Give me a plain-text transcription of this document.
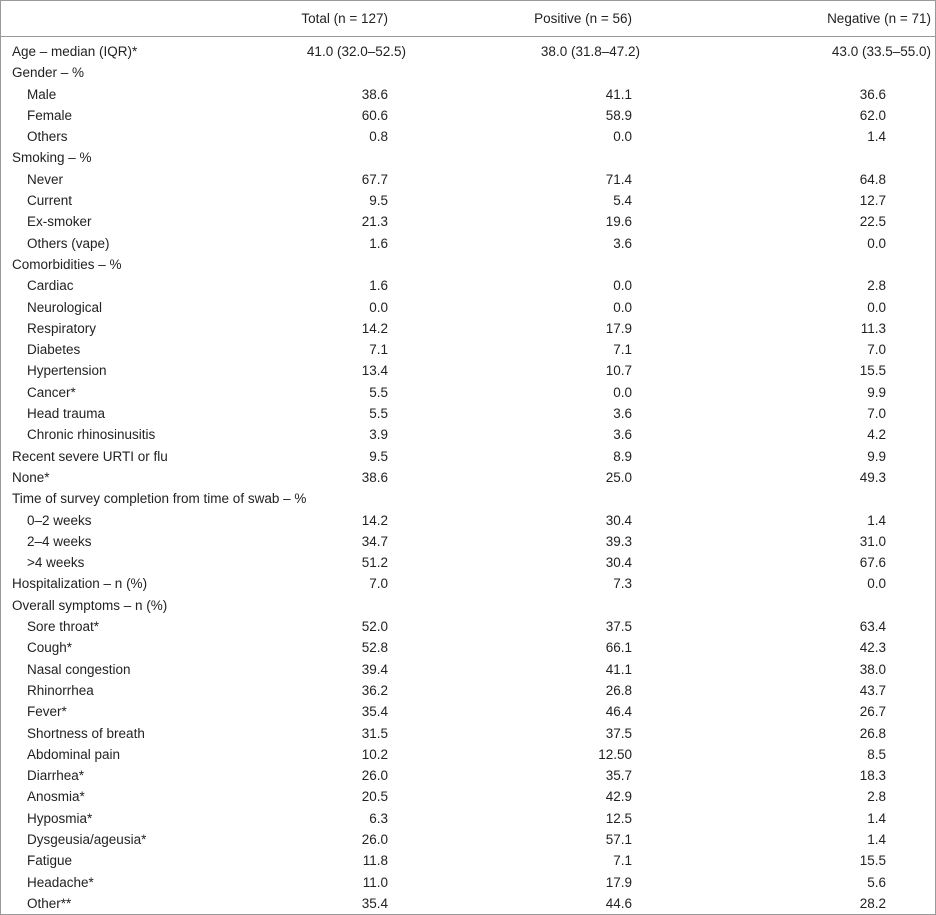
	Total (n = 127)	Positive (n = 56)	Negative (n = 71)
Age – median (IQR)*	41.0 (32.0–52.5)	38.0 (31.8–47.2)	43.0 (33.5–55.0)
Gender – %			
Male	38.6	41.1	36.6
Female	60.6	58.9	62.0
Others	0.8	0.0	1.4
Smoking – %			
Never	67.7	71.4	64.8
Current	9.5	5.4	12.7
Ex-smoker	21.3	19.6	22.5
Others (vape)	1.6	3.6	0.0
Comorbidities – %			
Cardiac	1.6	0.0	2.8
Neurological	0.0	0.0	0.0
Respiratory	14.2	17.9	11.3
Diabetes	7.1	7.1	7.0
Hypertension	13.4	10.7	15.5
Cancer*	5.5	0.0	9.9
Head trauma	5.5	3.6	7.0
Chronic rhinosinusitis	3.9	3.6	4.2
Recent severe URTI or flu	9.5	8.9	9.9
None*	38.6	25.0	49.3
Time of survey completion from time of swab – %			
0–2 weeks	14.2	30.4	1.4
2–4 weeks	34.7	39.3	31.0
>4 weeks	51.2	30.4	67.6
Hospitalization – n (%)	7.0	7.3	0.0
Overall symptoms – n (%)			
Sore throat*	52.0	37.5	63.4
Cough*	52.8	66.1	42.3
Nasal congestion	39.4	41.1	38.0
Rhinorrhea	36.2	26.8	43.7
Fever*	35.4	46.4	26.7
Shortness of breath	31.5	37.5	26.8
Abdominal pain	10.2	12.50	8.5
Diarrhea*	26.0	35.7	18.3
Anosmia*	20.5	42.9	2.8
Hyposmia*	6.3	12.5	1.4
Dysgeusia/ageusia*	26.0	57.1	1.4
Fatigue	11.8	7.1	15.5
Headache*	11.0	17.9	5.6
Other**	35.4	44.6	28.2
